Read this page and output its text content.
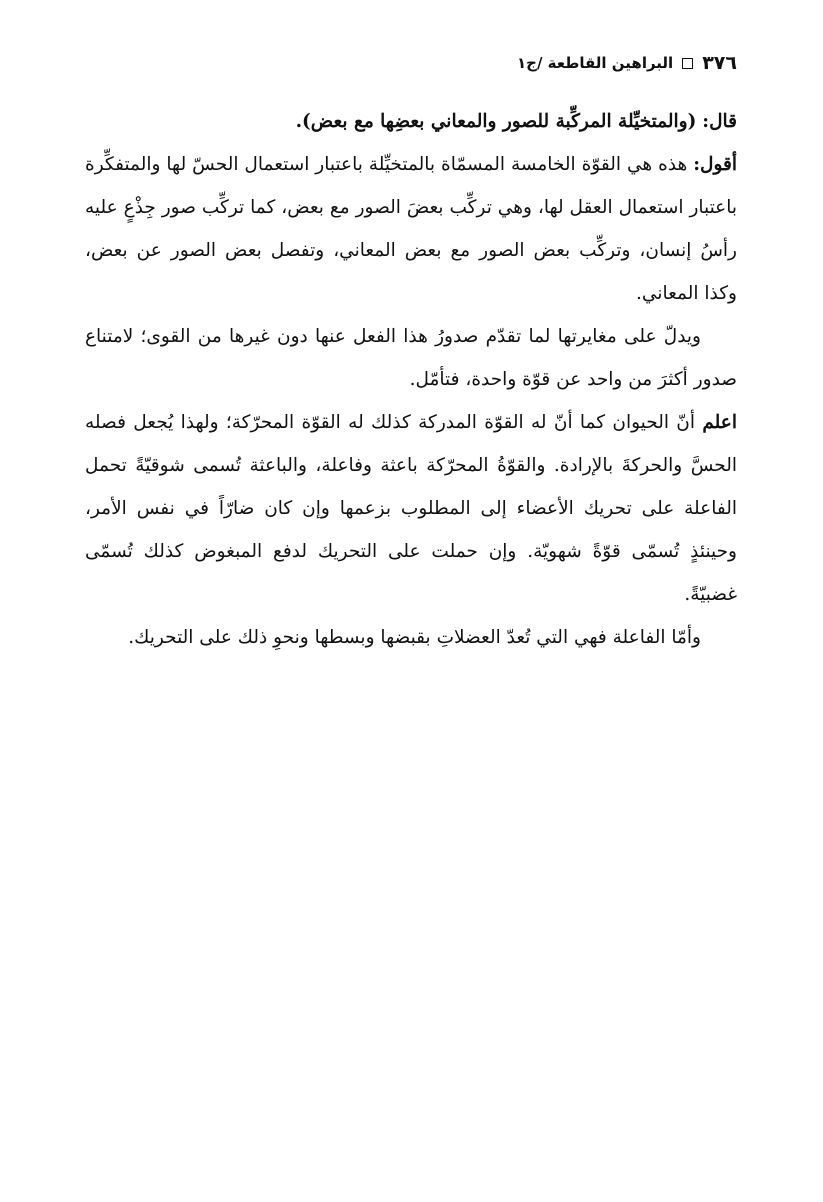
٣٧٦
البراهين القاطعة /ج١

قال: (والمتخيِّلة المركِّبة للصور والمعاني بعضِها مع بعض).

أقول: هذه هي القوّة الخامسة المسمّاة بالمتخيِّلة باعتبار استعمال الحسّ لها والمتفكِّرة باعتبار استعمال العقل لها، وهي تركِّب بعضَ الصور مع بعض، كما تركِّب صور جِذْعٍ عليه رأسُ إنسان، وتركِّب بعض الصور مع بعض المعاني، وتفصل بعض الصور عن بعض، وكذا المعاني.

ويدلّ على مغايرتها لما تقدّم صدورُ هذا الفعل عنها دون غيرها من القوى؛ لامتناع صدور أكثرَ من واحد عن قوّة واحدة، فتأمّل.

اعلم أنّ الحيوان كما أنّ له القوّة المدركة كذلك له القوّة المحرّكة؛ ولهذا يُجعل فصله الحسَّ والحركةَ بالإرادة. والقوّةُ المحرّكة باعثة وفاعلة، والباعثة تُسمى شوقيّةً تحمل الفاعلة على تحريك الأعضاء إلى المطلوب بزعمها وإن كان ضارّاً في نفس الأمر، وحينئذٍ تُسمّى قوّةً شهويّة. وإن حملت على التحريك لدفع المبغوض كذلك تُسمّى غضبيّةً.

وأمّا الفاعلة فهي التي تُعدّ العضلاتِ بقبضها وبسطها ونحوِ ذلك على التحريك.
